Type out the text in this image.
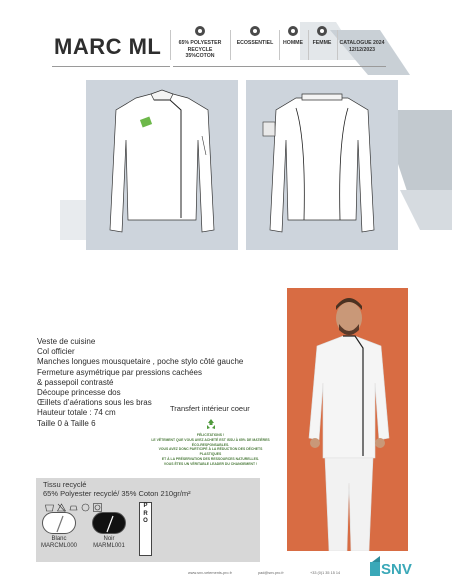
MARC ML	65% POLYESTER
RECYCLE
35%COTON
ECOSSENTIEL	HOMME	FEMME	CATALOGUE 2024
12/12/2023
Veste de cuisine
Col officier
Manches longues mousquetaire , poche stylo côté gauche
Fermeture asymétrique par pressions cachées
& passepoil contrasté
Découpe princesse dos
Œillets d’aérations sous les bras
Hauteur totale : 74 cm
Taille 0 à Taille 6
Transfert intérieur coeur
FÉLICITATIONS !
LE VÊTEMENT QUE VOUS AVEZ ACHETÉ EST ISSU À 65% DE MATIÈRES
ÉCO-RESPONSABLES.
VOUS AVEZ DONC PARTICIPÉ À LA RÉDUCTION DES DÉCHETS PLASTIQUES
ET À LA PRÉSERVATION DES RESSOURCES NATURELLES.
VOUS ÊTES UN VÉRITABLE LEADER DU CHANGEMENT !
Tissu recyclé
65% Polyester recyclé/ 35% Coton 210gr/m²
P
R
O
Blanc
MARCML000
Noir
MARML001
www.snv-vetements-pro.fr	pad@snv.pro.fr	+33 (0)1 35 15 14	SNV
